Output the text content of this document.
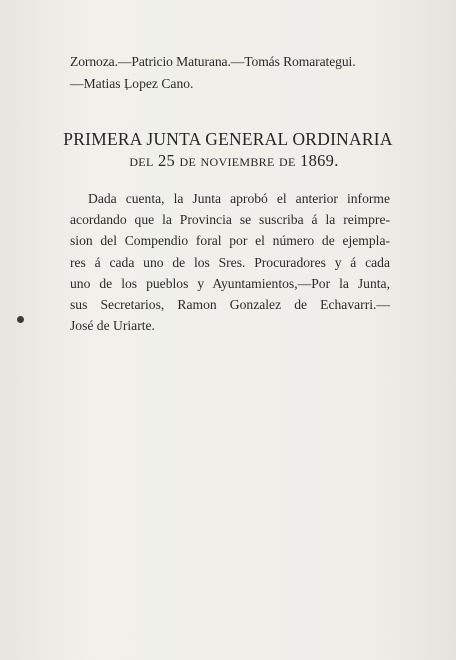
Zornoza.—Patricio Maturana.—Tomás Romarategui.
—Matias Lopez Cano.
PRIMERA JUNTA GENERAL ORDINARIA
del 25 de noviembre de 1869.
Dada cuenta, la Junta aprobó el anterior informe
acordando que la Provincia se suscriba á la reimpre-
sion del Compendio foral por el número de ejempla-
res á cada uno de los Sres. Procuradores y á cada
uno de los pueblos y Ayuntamientos,—Por la Junta,
sus Secretarios, Ramon Gonzalez de Echavarri.—
José de Uriarte.
